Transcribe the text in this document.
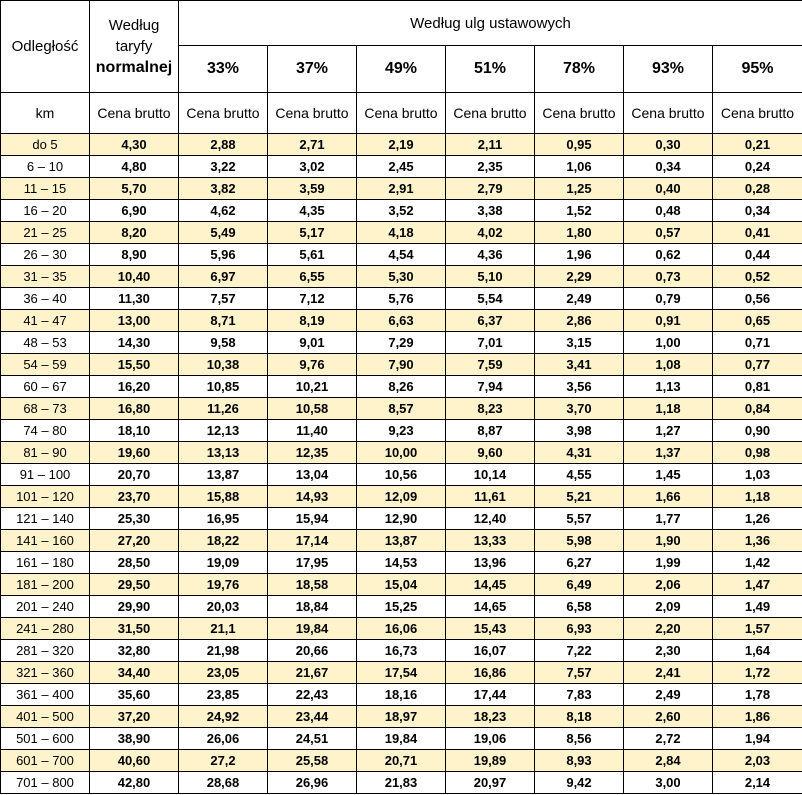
Odległość	Według
taryfy
normalnej	Według ulg ustawowych						
		33%	37%	49%	51%	78%	93%	95%
km	Cena brutto	Cena brutto	Cena brutto	Cena brutto	Cena brutto	Cena brutto	Cena brutto	Cena brutto
do 5	4,30	2,88	2,71	2,19	2,11	0,95	0,30	0,21
6 – 10	4,80	3,22	3,02	2,45	2,35	1,06	0,34	0,24
11 – 15	5,70	3,82	3,59	2,91	2,79	1,25	0,40	0,28
16 – 20	6,90	4,62	4,35	3,52	3,38	1,52	0,48	0,34
21 – 25	8,20	5,49	5,17	4,18	4,02	1,80	0,57	0,41
26 – 30	8,90	5,96	5,61	4,54	4,36	1,96	0,62	0,44
31 – 35	10,40	6,97	6,55	5,30	5,10	2,29	0,73	0,52
36 – 40	11,30	7,57	7,12	5,76	5,54	2,49	0,79	0,56
41 – 47	13,00	8,71	8,19	6,63	6,37	2,86	0,91	0,65
48 – 53	14,30	9,58	9,01	7,29	7,01	3,15	1,00	0,71
54 – 59	15,50	10,38	9,76	7,90	7,59	3,41	1,08	0,77
60 – 67	16,20	10,85	10,21	8,26	7,94	3,56	1,13	0,81
68 – 73	16,80	11,26	10,58	8,57	8,23	3,70	1,18	0,84
74 – 80	18,10	12,13	11,40	9,23	8,87	3,98	1,27	0,90
81 – 90	19,60	13,13	12,35	10,00	9,60	4,31	1,37	0,98
91 – 100	20,70	13,87	13,04	10,56	10,14	4,55	1,45	1,03
101 – 120	23,70	15,88	14,93	12,09	11,61	5,21	1,66	1,18
121 – 140	25,30	16,95	15,94	12,90	12,40	5,57	1,77	1,26
141 – 160	27,20	18,22	17,14	13,87	13,33	5,98	1,90	1,36
161 – 180	28,50	19,09	17,95	14,53	13,96	6,27	1,99	1,42
181 – 200	29,50	19,76	18,58	15,04	14,45	6,49	2,06	1,47
201 – 240	29,90	20,03	18,84	15,25	14,65	6,58	2,09	1,49
241 – 280	31,50	21,1	19,84	16,06	15,43	6,93	2,20	1,57
281 – 320	32,80	21,98	20,66	16,73	16,07	7,22	2,30	1,64
321 – 360	34,40	23,05	21,67	17,54	16,86	7,57	2,41	1,72
361 – 400	35,60	23,85	22,43	18,16	17,44	7,83	2,49	1,78
401 – 500	37,20	24,92	23,44	18,97	18,23	8,18	2,60	1,86
501 – 600	38,90	26,06	24,51	19,84	19,06	8,56	2,72	1,94
601 – 700	40,60	27,2	25,58	20,71	19,89	8,93	2,84	2,03
701 – 800	42,80	28,68	26,96	21,83	20,97	9,42	3,00	2,14
